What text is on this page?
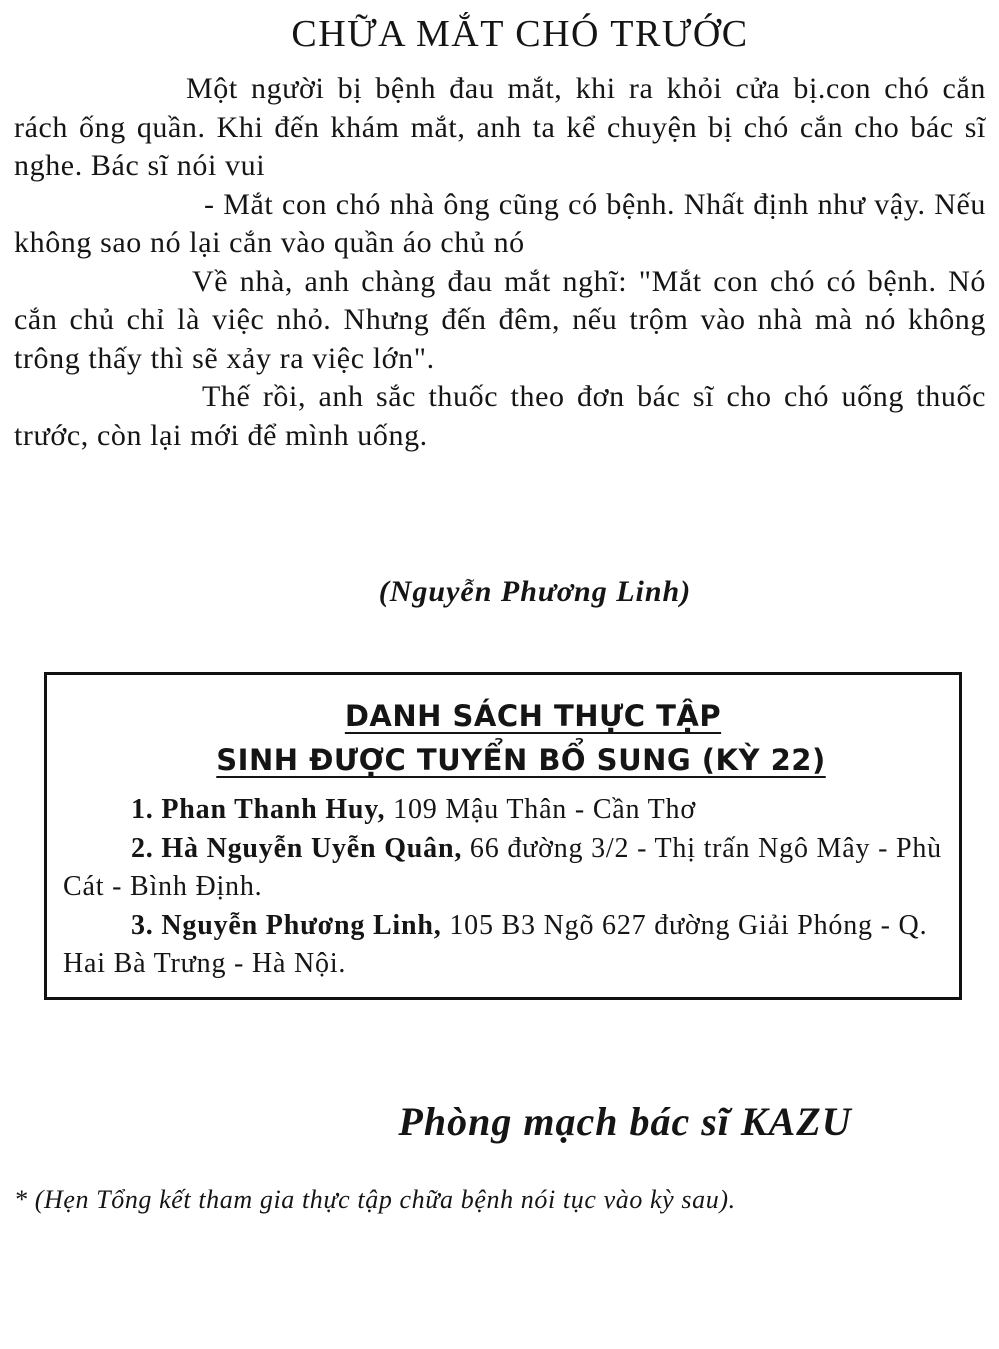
CHỮA MẮT CHÓ TRƯỚC

Một người bị bệnh đau mắt, khi ra khỏi cửa bị.con chó cắn rách ống quần. Khi đến khám mắt, anh ta kể chuyện bị chó cắn cho bác sĩ nghe. Bác sĩ nói vui

- Mắt con chó nhà ông cũng có bệnh. Nhất định như vậy. Nếu không sao nó lại cắn vào quần áo chủ nó

Về nhà, anh chàng đau mắt nghĩ: "Mắt con chó có bệnh. Nó cắn chủ chỉ là việc nhỏ. Nhưng đến đêm, nếu trộm vào nhà mà nó không trông thấy thì sẽ xảy ra việc lớn".

Thế rồi, anh sắc thuốc theo đơn bác sĩ cho chó uống thuốc trước, còn lại mới để mình uống.

(Nguyễn Phương Linh)
DANH SÁCH THỰC TẬP
SINH ĐƯỢC TUYỂN BỔ SUNG (KỲ 22)

1. Phan Thanh Huy, 109 Mậu Thân - Cần Thơ

2. Hà Nguyễn Uyễn Quân, 66 đường 3/2 - Thị trấn Ngô Mây - Phù Cát - Bình Định.

3. Nguyễn Phương Linh, 105 B3 Ngõ 627 đường Giải Phóng - Q. Hai Bà Trưng - Hà Nội.

Phòng mạch bác sĩ KAZU
* (Hẹn Tổng kết tham gia thực tập chữa bệnh nói tục vào kỳ sau).
